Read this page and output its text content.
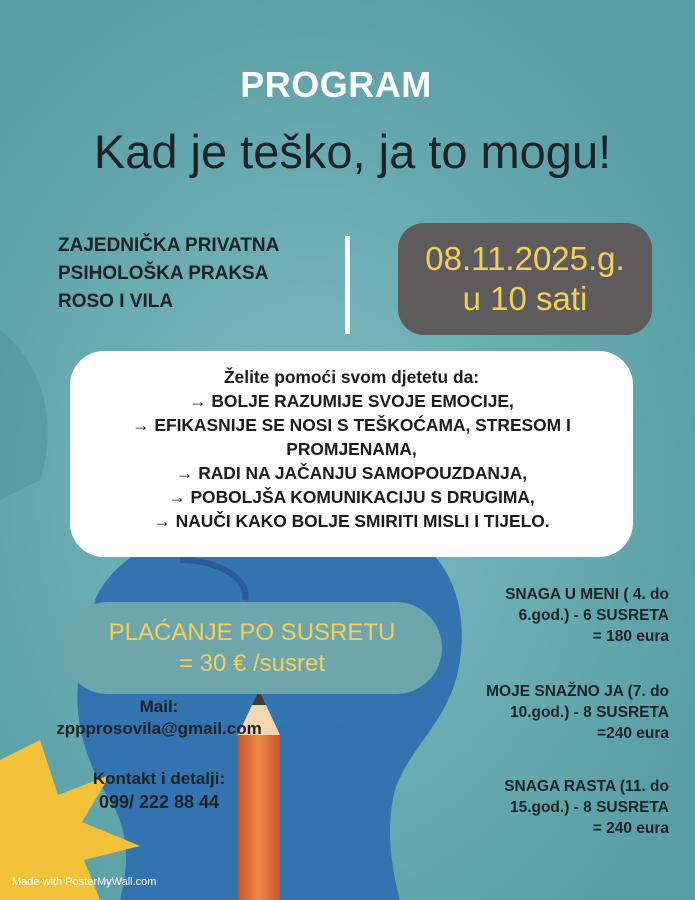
PROGRAM
Kad je teško, ja to mogu!
ZAJEDNIČKA PRIVATNA
PSIHOLOŠKA PRAKSA
ROSO I VILA
08.11.2025.g.
u 10 sati
Želite pomoći svom djetetu da:
→ BOLJE RAZUMIJE SVOJE EMOCIJE,
→ EFIKASNIJE SE NOSI S TEŠKOĆAMA, STRESOM I
PROMJENAMA,
→ RADI NA JAČANJU SAMOPOUZDANJA,
→ POBOLJŠA KOMUNIKACIJU S DRUGIMA,
→ NAUČI KAKO BOLJE SMIRITI MISLI I TIJELO.
PLAĆANJE PO SUSRETU
= 30 € /susret
Mail:
zppprosovila@gmail.com
Kontakt i detalji:
099/ 222 88 44
SNAGA U MENI ( 4. do
6.god.) - 6 SUSRETA
= 180 eura
MOJE SNAŽNO JA (7. do
10.god.) - 8 SUSRETA
=240 eura
SNAGA RASTA (11. do
15.god.) - 8 SUSRETA
= 240 eura
Made with PosterMyWall.com
